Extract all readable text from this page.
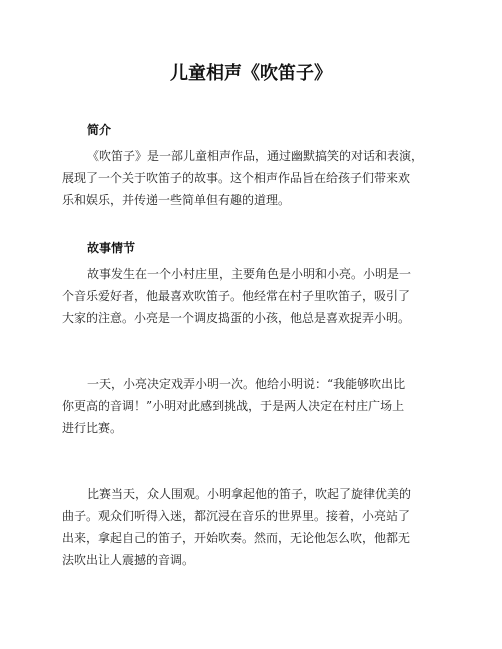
儿童相声《吹笛子》
简介
《吹笛子》是一部儿童相声作品，通过幽默搞笑的对话和表演，
展现了一个关于吹笛子的故事。这个相声作品旨在给孩子们带来欢
乐和娱乐，并传递一些简单但有趣的道理。
故事情节
故事发生在一个小村庄里，主要角色是小明和小亮。小明是一
个音乐爱好者，他最喜欢吹笛子。他经常在村子里吹笛子，吸引了
大家的注意。小亮是一个调皮捣蛋的小孩，他总是喜欢捉弄小明。
一天，小亮决定戏弄小明一次。他给小明说：“我能够吹出比
你更高的音调！”小明对此感到挑战，于是两人决定在村庄广场上
进行比赛。
比赛当天，众人围观。小明拿起他的笛子，吹起了旋律优美的
曲子。观众们听得入迷，都沉浸在音乐的世界里。接着，小亮站了
出来，拿起自己的笛子，开始吹奏。然而，无论他怎么吹，他都无
法吹出让人震撼的音调。
